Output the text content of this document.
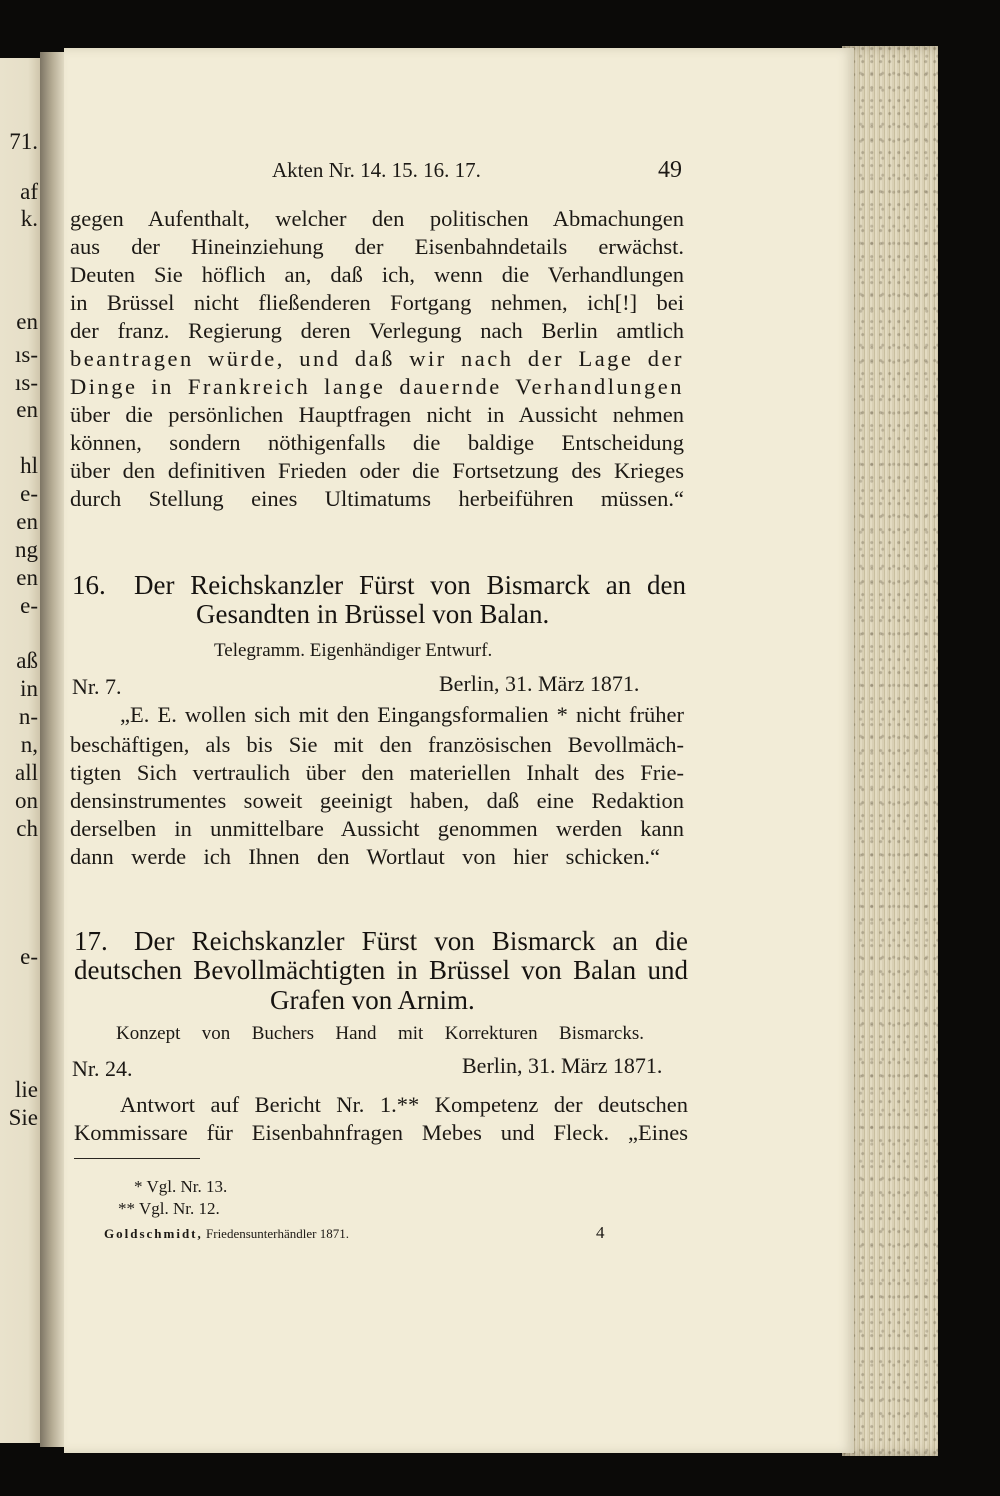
71.
af
k.
en
ıs-
ıs-
en
hl
e-
en
ng
en
e-
aß
in
n-
n,
all
on
ch
e-
lie
Sie
Akten Nr. 14. 15. 16. 17.	49
gegen Aufenthalt, welcher den politischen Abmachungen
aus der Hineinziehung der Eisenbahndetails erwächst.
Deuten Sie höflich an, daß ich, wenn die Verhandlungen
in Brüssel nicht fließenderen Fortgang nehmen, ich[!] bei
der franz. Regierung deren Verlegung nach Berlin amtlich
beantragen würde, und daß wir nach der Lage der
Dinge in Frankreich lange dauernde Verhandlungen
über die persönlichen Hauptfragen nicht in Aussicht nehmen
können, sondern nöthigenfalls die baldige Entscheidung
über den definitiven Frieden oder die Fortsetzung des Krieges
durch Stellung eines Ultimatums herbeiführen müssen.“
16. Der Reichskanzler Fürst von Bismarck an den
Gesandten in Brüssel von Balan.
Telegramm. Eigenhändiger Entwurf.
Nr. 7.	Berlin, 31. März 1871.
„E. E. wollen sich mit den Eingangsformalien * nicht früher
beschäftigen, als bis Sie mit den französischen Bevollmäch-
tigten Sich vertraulich über den materiellen Inhalt des Frie-
densinstrumentes soweit geeinigt haben, daß eine Redaktion
derselben in unmittelbare Aussicht genommen werden kann
dann werde ich Ihnen den Wortlaut von hier schicken.“
17. Der Reichskanzler Fürst von Bismarck an die
deutschen Bevollmächtigten in Brüssel von Balan und
Grafen von Arnim.
Konzept von Buchers Hand mit Korrekturen Bismarcks.
Nr. 24.	Berlin, 31. März 1871.
Antwort auf Bericht Nr. 1.** Kompetenz der deutschen
Kommissare für Eisenbahnfragen Mebes und Fleck. „Eines
* Vgl. Nr. 13.
** Vgl. Nr. 12.
Goldschmidt, Friedensunterhändler 1871.	4
